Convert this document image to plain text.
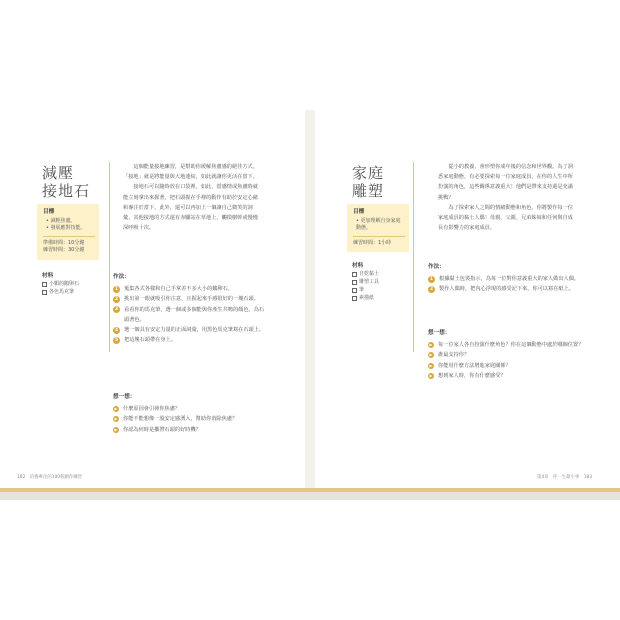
減壓
接地石
目標
• 減輕焦慮。
• 發展應對技能。
準備時間：10分鐘
練習時間：30分鐘
材料
小顆的鵝卵石
各色馬克筆

這個能量接地練習，是幫助你緩解焦慮感的絕佳方式。「接地」就是將能量與大地連結，如此就讓你更活在當下。

接地石可以隨時放在口袋裡，如此，當感情或焦慮時就能立刻拿出來握著，把石頭握在手裡的動作有助於安定心緒和專注於當下。此外，還可以再加上一個讓自己微笑的詞彙，其他接地的方式還有赤腳站在草地上，觸摸樹幹或慢慢深呼吸十次。

作法：
1	蒐集各式各樣和自己手掌差不多大小的鵝卵石。
2	挑出第一眼就吸引你注意，且握起來手感很好的一塊石頭。
3	看看你的馬克筆，選一個或多個能與你產生共鳴的顏色，為石頭著色。
4	選一個具有安定力量的正面詞彙，用黑色馬克筆寫在石頭上。
5	把這塊石頭帶在身上。
想一想：
▶ 什麼原因會引發你焦慮？
▶ 你能不能想像一股安定感湧入，幫助你消除焦慮？
▶ 你認為何時是攜帶石頭的好時機？
182　培養專注的100個創作練習
家庭
雕塑
目標
• 更加理解自身家庭動態。
練習時間：1小時
材料
自乾黏土
雕塑工具
筆
素描紙

從小的教養，會形塑你成年後的信念和世界觀。為了洞悉家庭動態，有必要探索每一位家庭成員，在你的人生中所扮演的角色，這些關係意義重大！他們是帶來支持還是充滿挑戰？

為了探索家人之間的情緒動態和角色，你將製作每一位家庭成員的黏土人偶！母親、父親、兄弟姊妹和任何與自成長有影響力的家庭成員。

作法：
1	根據黏土包裝指示，為每一位對你意義重大的家人做出人偶。
2	製作人偶時，把內心浮現的感受記下來，你可以寫在紙上。
想一想：
▶ 每一位家人各自扮演什麼角色？你在這個動態中處於哪個位置？
▶ 誰最支持你？
▶ 你能用什麼方法增進家庭關係？
▶ 想到家人時，你有什麼感受？
第4章　你一生最小事　183
